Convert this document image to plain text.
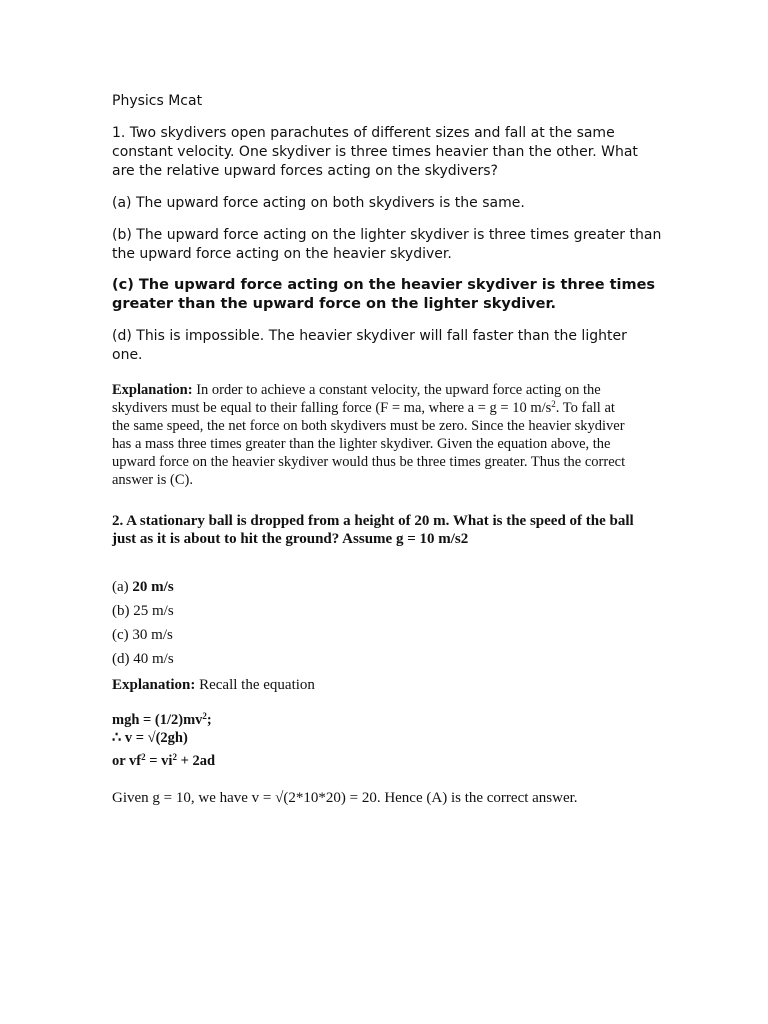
Physics Mcat

1. Two skydivers open parachutes of different sizes and fall at the same
constant velocity. One skydiver is three times heavier than the other. What
are the relative upward forces acting on the skydivers?

(a) The upward force acting on both skydivers is the same.

(b) The upward force acting on the lighter skydiver is three times greater than
the upward force acting on the heavier skydiver.

(c) The upward force acting on the heavier skydiver is three times
greater than the upward force on the lighter skydiver.

(d) This is impossible. The heavier skydiver will fall faster than the lighter
one.

Explanation: In order to achieve a constant velocity, the upward force acting on the
skydivers must be equal to their falling force (F = ma, where a = g = 10 $m/s^2$. To fall at
the same speed, the net force on both skydivers must be zero. Since the heavier skydiver
has a mass three times greater than the lighter skydiver. Given the equation above, the
upward force on the heavier skydiver would thus be three times greater. Thus the correct
answer is (C).

2. A stationary ball is dropped from a height of 20 m. What is the speed of the ball
just as it is about to hit the ground? Assume g = 10 m/s2

(a) 20 m/s

(b) 25 m/s

(c) 30 m/s

(d) 40 m/s

Explanation: Recall the equation

mgh = $(1/2)mv^2$;

∴ v = √(2gh)

or $vf^2 = vi^2 + 2ad$

Given g = 10, we have v = √(2*10*20) = 20. Hence (A) is the correct answer.
